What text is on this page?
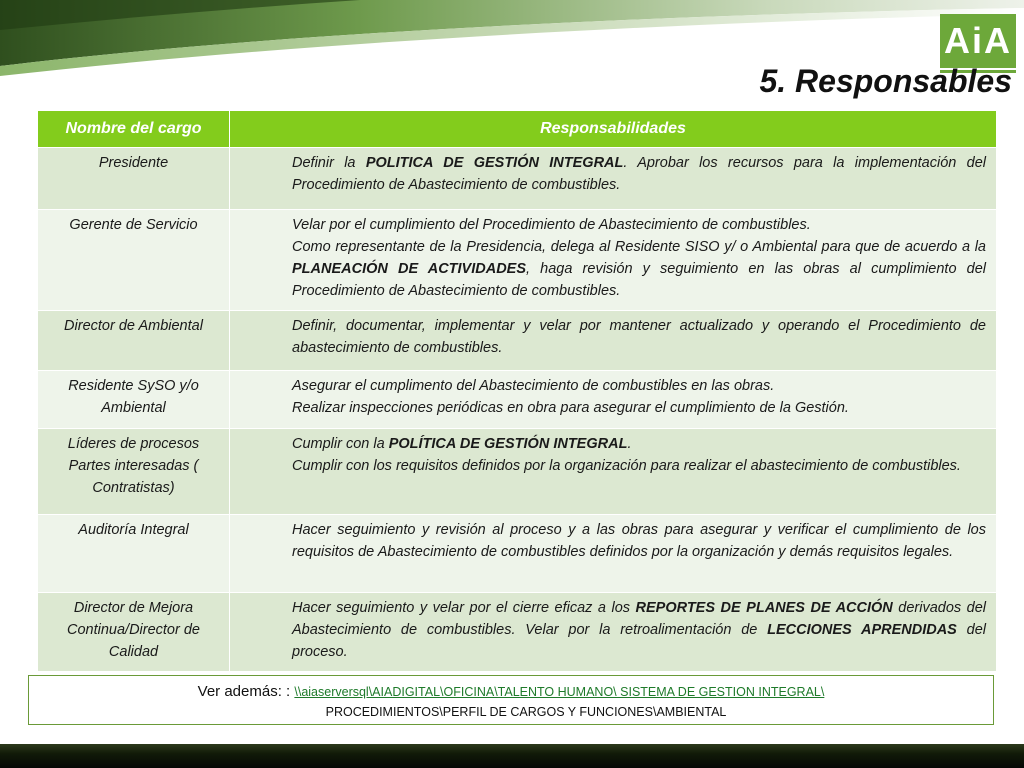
AiA
5. Responsables
Nombre del cargo	Responsabilidades
Presidente	Definir la POLITICA DE GESTIÓN INTEGRAL. Aprobar los recursos para la implementación del Procedimiento de Abastecimiento de combustibles.
Gerente de Servicio	Velar por el cumplimiento del Procedimiento de Abastecimiento de combustibles.
Como representante de la Presidencia, delega al Residente SISO y/ o Ambiental para que de acuerdo a la PLANEACIÓN DE ACTIVIDADES, haga revisión y seguimiento en las obras al cumplimiento del Procedimiento de Abastecimiento de combustibles.
Director de Ambiental	Definir, documentar, implementar y velar por mantener actualizado y operando el Procedimiento de abastecimiento de combustibles.
Residente SySO y/o Ambiental	Asegurar el cumplimento del Abastecimiento de combustibles en las obras.
Realizar inspecciones periódicas en obra para asegurar el cumplimiento de la Gestión.
Líderes de procesos Partes interesadas ( Contratistas)	Cumplir con la POLÍTICA DE GESTIÓN INTEGRAL.
Cumplir con los requisitos definidos por la organización para realizar el abastecimiento de combustibles.
Auditoría Integral	Hacer seguimiento y revisión al proceso y a las obras para asegurar y verificar el cumplimiento de los requisitos de Abastecimiento de combustibles definidos por la organización y demás requisitos legales.
Director de Mejora Continua/Director de Calidad	Hacer seguimiento y velar por el cierre eficaz a los REPORTES DE PLANES DE ACCIÓN derivados del Abastecimiento de combustibles. Velar por la retroalimentación de LECCIONES APRENDIDAS del proceso.
Ver además: : \\aiaserversql\AIADIGITAL\OFICINA\TALENTO HUMANO\ SISTEMA DE GESTION INTEGRAL\
PROCEDIMIENTOS\PERFIL DE CARGOS Y FUNCIONES\AMBIENTAL
